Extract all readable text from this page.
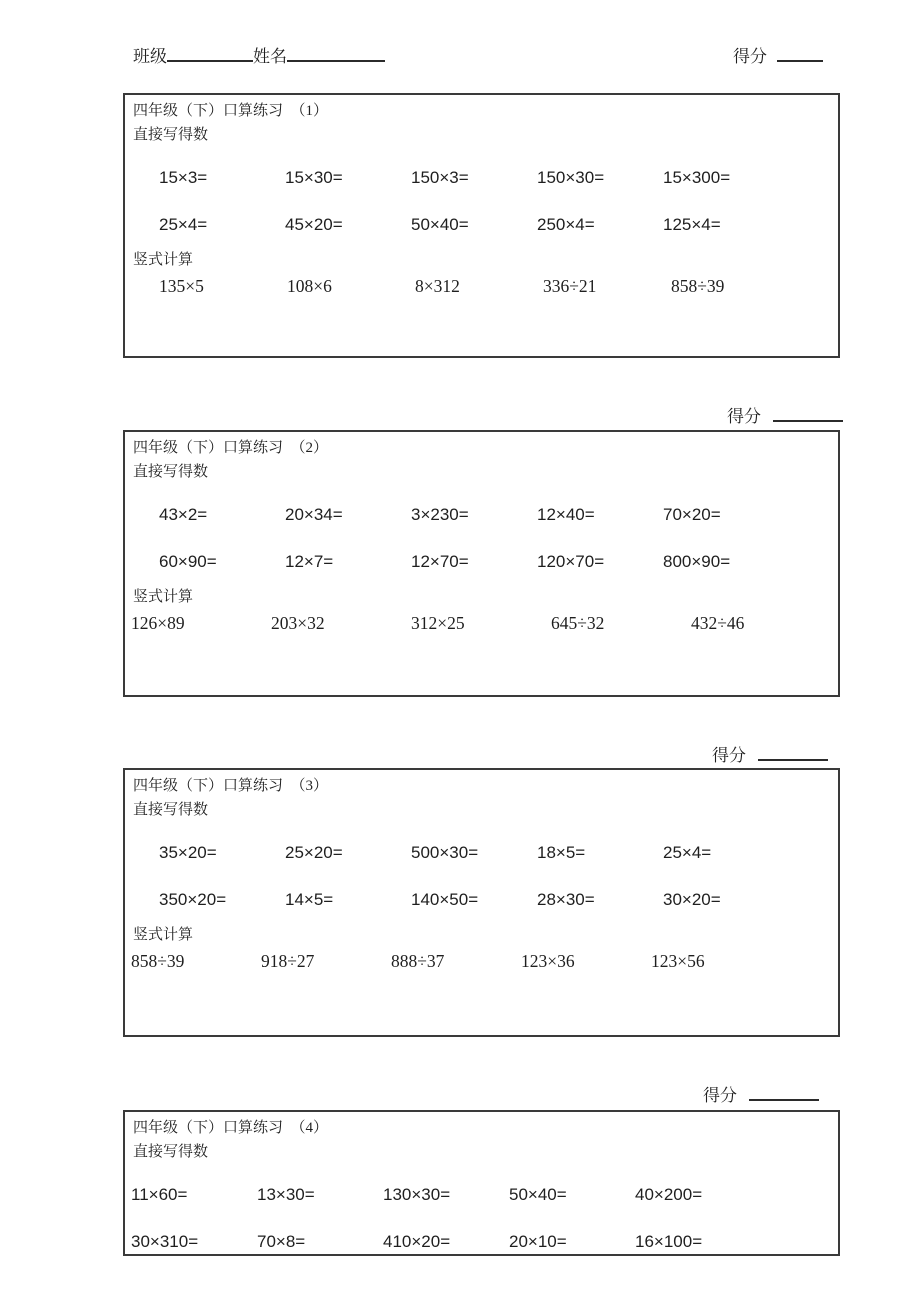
班级	姓名	得分
得分
得分
得分
四年级（下）口算练习　（1）
直接写得数
15×3=	15×30=	150×3=	150×30=	15×300=
25×4=	45×20=	50×40=	250×4=	125×4=
竖式计算
135×5	108×6	8×312	336÷21	858÷39
四年级（下）口算练习　（2）
直接写得数
43×2=	20×34=	3×230=	12×40=	70×20=
60×90=	12×7=	12×70=	120×70=	800×90=
竖式计算
126×89	203×32	312×25	645÷32	432÷46
四年级（下）口算练习　（3）
直接写得数
35×20=	25×20=	500×30=	18×5=	25×4=
350×20=	14×5=	140×50=	28×30=	30×20=
竖式计算
858÷39	918÷27	888÷37	123×36	123×56
四年级（下）口算练习　（4）
直接写得数
11×60=	13×30=	130×30=	50×40=	40×200=
30×310=	70×8=	410×20=	20×10=	16×100=
